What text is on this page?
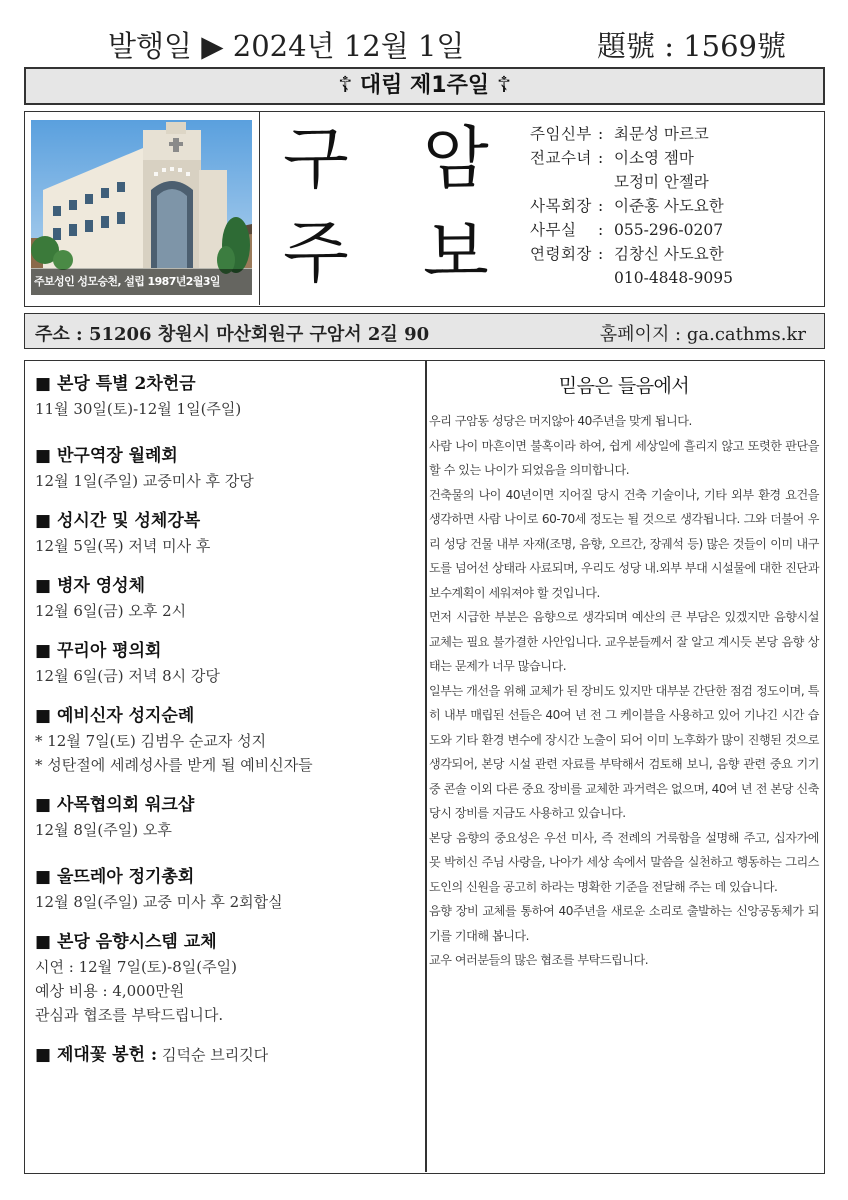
발행일 ▶ 2024년 12월 1일	題號 : 1569號
☦ 대림 제1주일 ☦
주보성인 성모승천, 설립 1987년2월3일
구 암
주 보
주임신부 : 최문성 마르코
전교수녀 : 이소영 젬마
모정미 안젤라
사목회장 : 이준홍 사도요한
사무실	: 055-296-0207
연령회장 : 김창신 사도요한
010-4848-9095
주소 : 51206 창원시 마산회원구 구암서 2길 90	홈페이지 : ga.cathms.kr
■ 본당 특별 2차헌금
11월 30일(토)-12월 1일(주일)
■ 반구역장 월례회
12월 1일(주일) 교중미사 후 강당
■ 성시간 및 성체강복
12월 5일(목) 저녁 미사 후
■ 병자 영성체
12월 6일(금) 오후 2시
■ 꾸리아 평의회
12월 6일(금) 저녁 8시 강당
■ 예비신자 성지순례
* 12월 7일(토) 김범우 순교자 성지
* 성탄절에 세례성사를 받게 될 예비신자들
■ 사목협의회 워크샵
12월 8일(주일) 오후
■ 울뜨레아 정기총회
12월 8일(주일) 교중 미사 후 2회합실
■ 본당 음향시스템 교체
시연 : 12월 7일(토)-8일(주일)
예상 비용 : 4,000만원
관심과 협조를 부탁드립니다.
■ 제대꽃 봉헌 : 김덕순 브리깃다
믿음은 들음에서

우리 구암동 성당은 머지않아 40주년을 맞게 됩니다.

사람 나이 마흔이면 불혹이라 하여, 쉽게 세상일에 흘리지 않고 또렷한 판단을 할 수 있는 나이가 되었음을 의미합니다.

건축물의 나이 40년이면 지어질 당시 건축 기술이나, 기타 외부 환경 요건을 생각하면 사람 나이로 60-70세 정도는 될 것으로 생각됩니다. 그와 더불어 우리 성당 건물 내부 자재(조명, 음향, 오르간, 장궤석 등) 많은 것들이 이미 내구도를 넘어선 상태라 사료되며, 우리도 성당 내.외부 부대 시설물에 대한 진단과 보수계획이 세워져야 할 것입니다.

먼저 시급한 부분은 음향으로 생각되며 예산의 큰 부담은 있겠지만 음향시설 교체는 필요 불가결한 사안입니다. 교우분들께서 잘 알고 계시듯 본당 음향 상태는 문제가 너무 많습니다.

일부는 개선을 위해 교체가 된 장비도 있지만 대부분 간단한 점검 정도이며, 특히 내부 매립된 선들은 40여 년 전 그 케이블을 사용하고 있어 기나긴 시간 습도와 기타 환경 변수에 장시간 노출이 되어 이미 노후화가 많이 진행된 것으로 생각되어, 본당 시설 관련 자료를 부탁해서 검토해 보니, 음향 관련 중요 기기 중 콘솔 이외 다른 중요 장비를 교체한 과거력은 없으며, 40여 년 전 본당 신축 당시 장비를 지금도 사용하고 있습니다.

본당 음향의 중요성은 우선 미사, 즉 전례의 거룩함을 설명해 주고, 십자가에 못 박히신 주님 사랑을, 나아가 세상 속에서 말씀을 실천하고 행동하는 그리스도인의 신원을 공고히 하라는 명확한 기준을 전달해 주는 데 있습니다.

음향 장비 교체를 통하여 40주년을 새로운 소리로 출발하는 신앙공동체가 되기를 기대해 봅니다.

교우 여러분들의 많은 협조를 부탁드립니다.
